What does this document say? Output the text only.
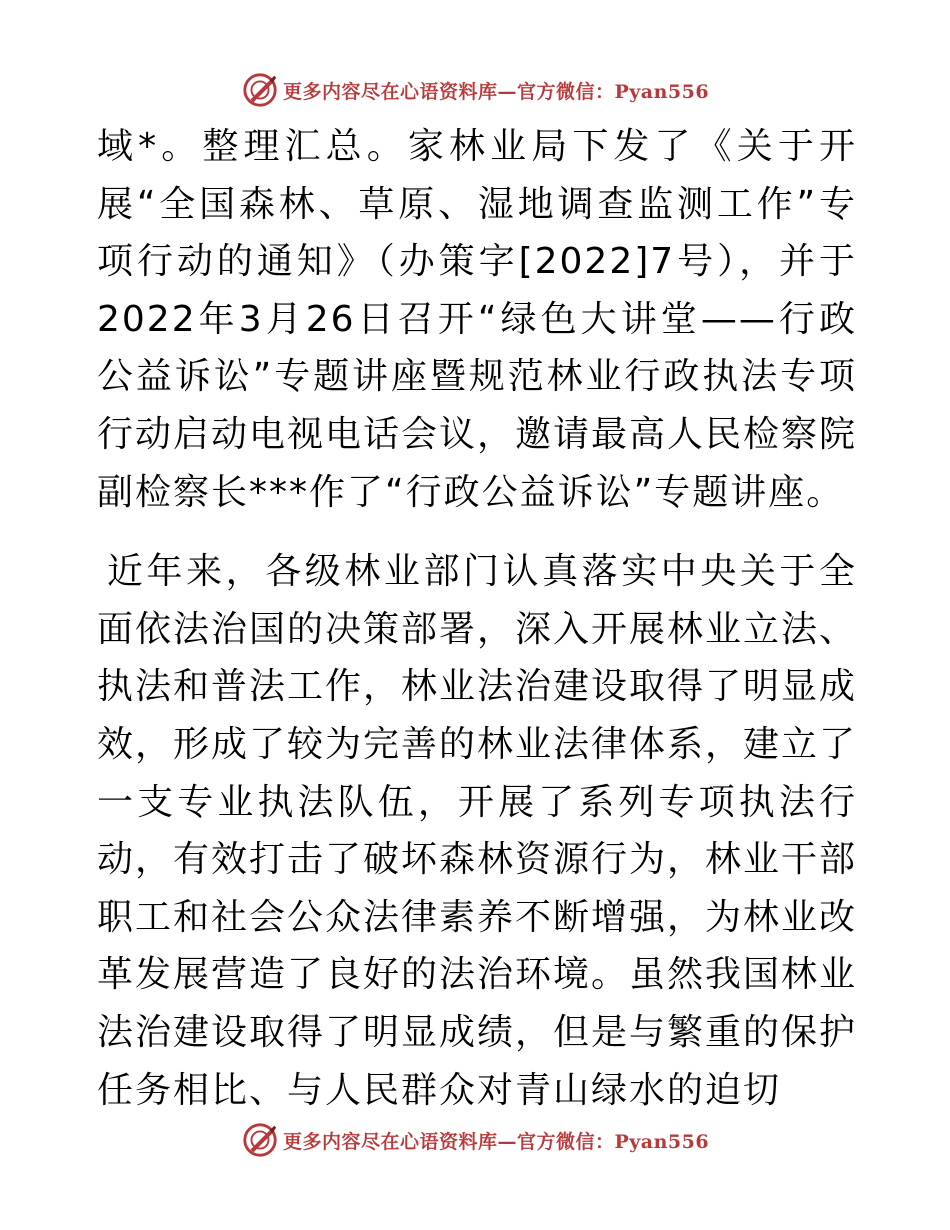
更多内容尽在心语资料库—官方微信：Pyan556

域*。整理汇总。家林业局下发了《关于开展“全国森林、草原、湿地调查监测工作”专项行动的通知》（办策字[2022]7号），并于2022年3月26日召开“绿色大讲堂——行政公益诉讼”专题讲座暨规范林业行政执法专项行动启动电视电话会议，邀请最高人民检察院副检察长***作了“行政公益诉讼”专题讲座。

近年来，各级林业部门认真落实中央关于全面依法治国的决策部署，深入开展林业立法、执法和普法工作，林业法治建设取得了明显成效，形成了较为完善的林业法律体系，建立了一支专业执法队伍，开展了系列专项执法行动，有效打击了破坏森林资源行为，林业干部职工和社会公众法律素养不断增强，为林业改革发展营造了良好的法治环境。虽然我国林业法治建设取得了明显成绩，但是与繁重的保护任务相比、与人民群众对青山绿水的迫切

更多内容尽在心语资料库—官方微信：Pyan556
